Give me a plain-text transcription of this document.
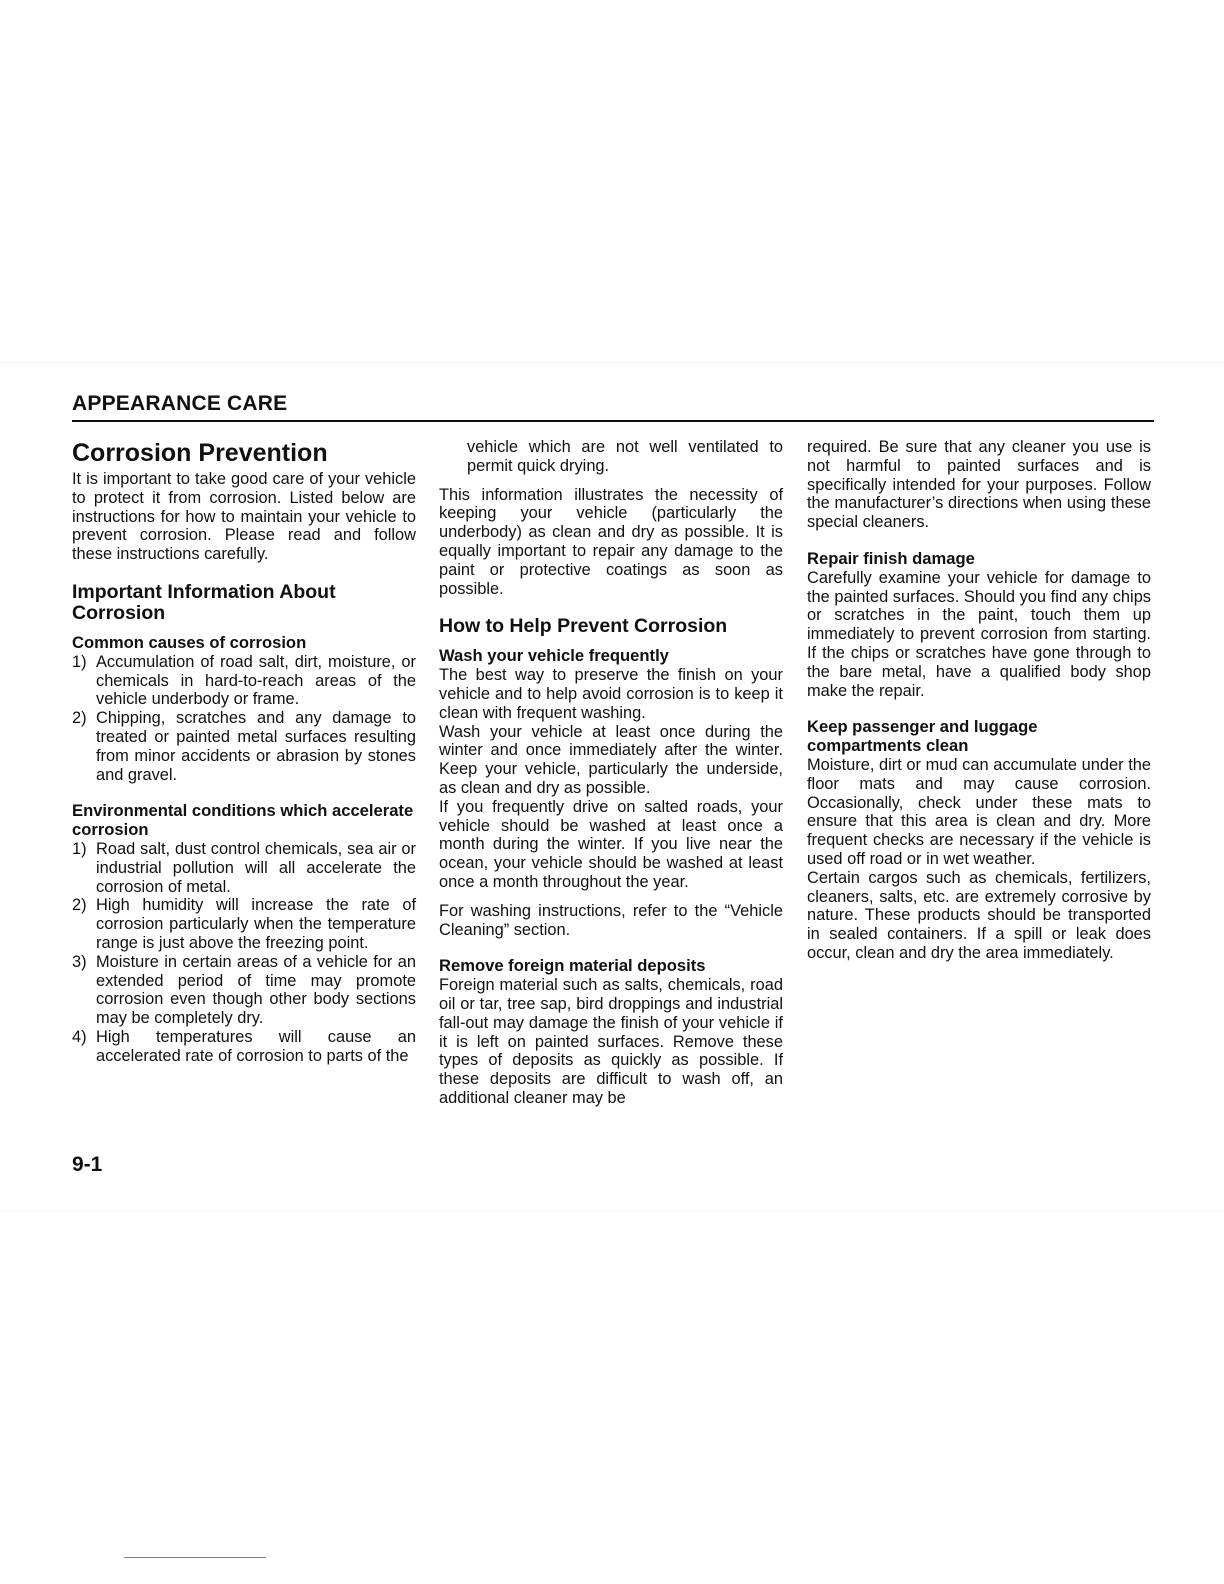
APPEARANCE CARE
Corrosion Prevention

It is important to take good care of your vehicle to protect it from corrosion. Listed below are instructions for how to maintain your vehicle to prevent corrosion. Please read and follow these instructions carefully.

Important Information About Corrosion
Common causes of corrosion
1) Accumulation of road salt, dirt, moisture, or chemicals in hard-to-reach areas of the vehicle underbody or frame.
2) Chipping, scratches and any damage to treated or painted metal surfaces resulting from minor accidents or abrasion by stones and gravel.
Environmental conditions which accelerate corrosion
1) Road salt, dust control chemicals, sea air or industrial pollution will all accelerate the corrosion of metal.
2) High humidity will increase the rate of corrosion particularly when the temperature range is just above the freezing point.
3) Moisture in certain areas of a vehicle for an extended period of time may promote corrosion even though other body sections may be completely dry.
4) High temperatures will cause an accelerated rate of corrosion to parts of the

vehicle which are not well ventilated to permit quick drying.

This information illustrates the necessity of keeping your vehicle (particularly the underbody) as clean and dry as possible. It is equally important to repair any damage to the paint or protective coatings as soon as possible.

How to Help Prevent Corrosion
Wash your vehicle frequently

The best way to preserve the finish on your vehicle and to help avoid corrosion is to keep it clean with frequent washing.

Wash your vehicle at least once during the winter and once immediately after the winter. Keep your vehicle, particularly the underside, as clean and dry as possible.

If you frequently drive on salted roads, your vehicle should be washed at least once a month during the winter. If you live near the ocean, your vehicle should be washed at least once a month throughout the year.

For washing instructions, refer to the “Vehicle Cleaning” section.

Remove foreign material deposits

Foreign material such as salts, chemicals, road oil or tar, tree sap, bird droppings and industrial fall-out may damage the finish of your vehicle if it is left on painted surfaces. Remove these types of deposits as quickly as possible. If these deposits are difficult to wash off, an additional cleaner may be

required. Be sure that any cleaner you use is not harmful to painted surfaces and is specifically intended for your purposes. Follow the manufacturer’s directions when using these special cleaners.

Repair finish damage

Carefully examine your vehicle for damage to the painted surfaces. Should you find any chips or scratches in the paint, touch them up immediately to prevent corrosion from starting. If the chips or scratches have gone through to the bare metal, have a qualified body shop make the repair.

Keep passenger and luggage compartments clean

Moisture, dirt or mud can accumulate under the floor mats and may cause corrosion. Occasionally, check under these mats to ensure that this area is clean and dry. More frequent checks are necessary if the vehicle is used off road or in wet weather.

Certain cargos such as chemicals, fertilizers, cleaners, salts, etc. are extremely corrosive by nature. These products should be transported in sealed containers. If a spill or leak does occur, clean and dry the area immediately.

9-1
